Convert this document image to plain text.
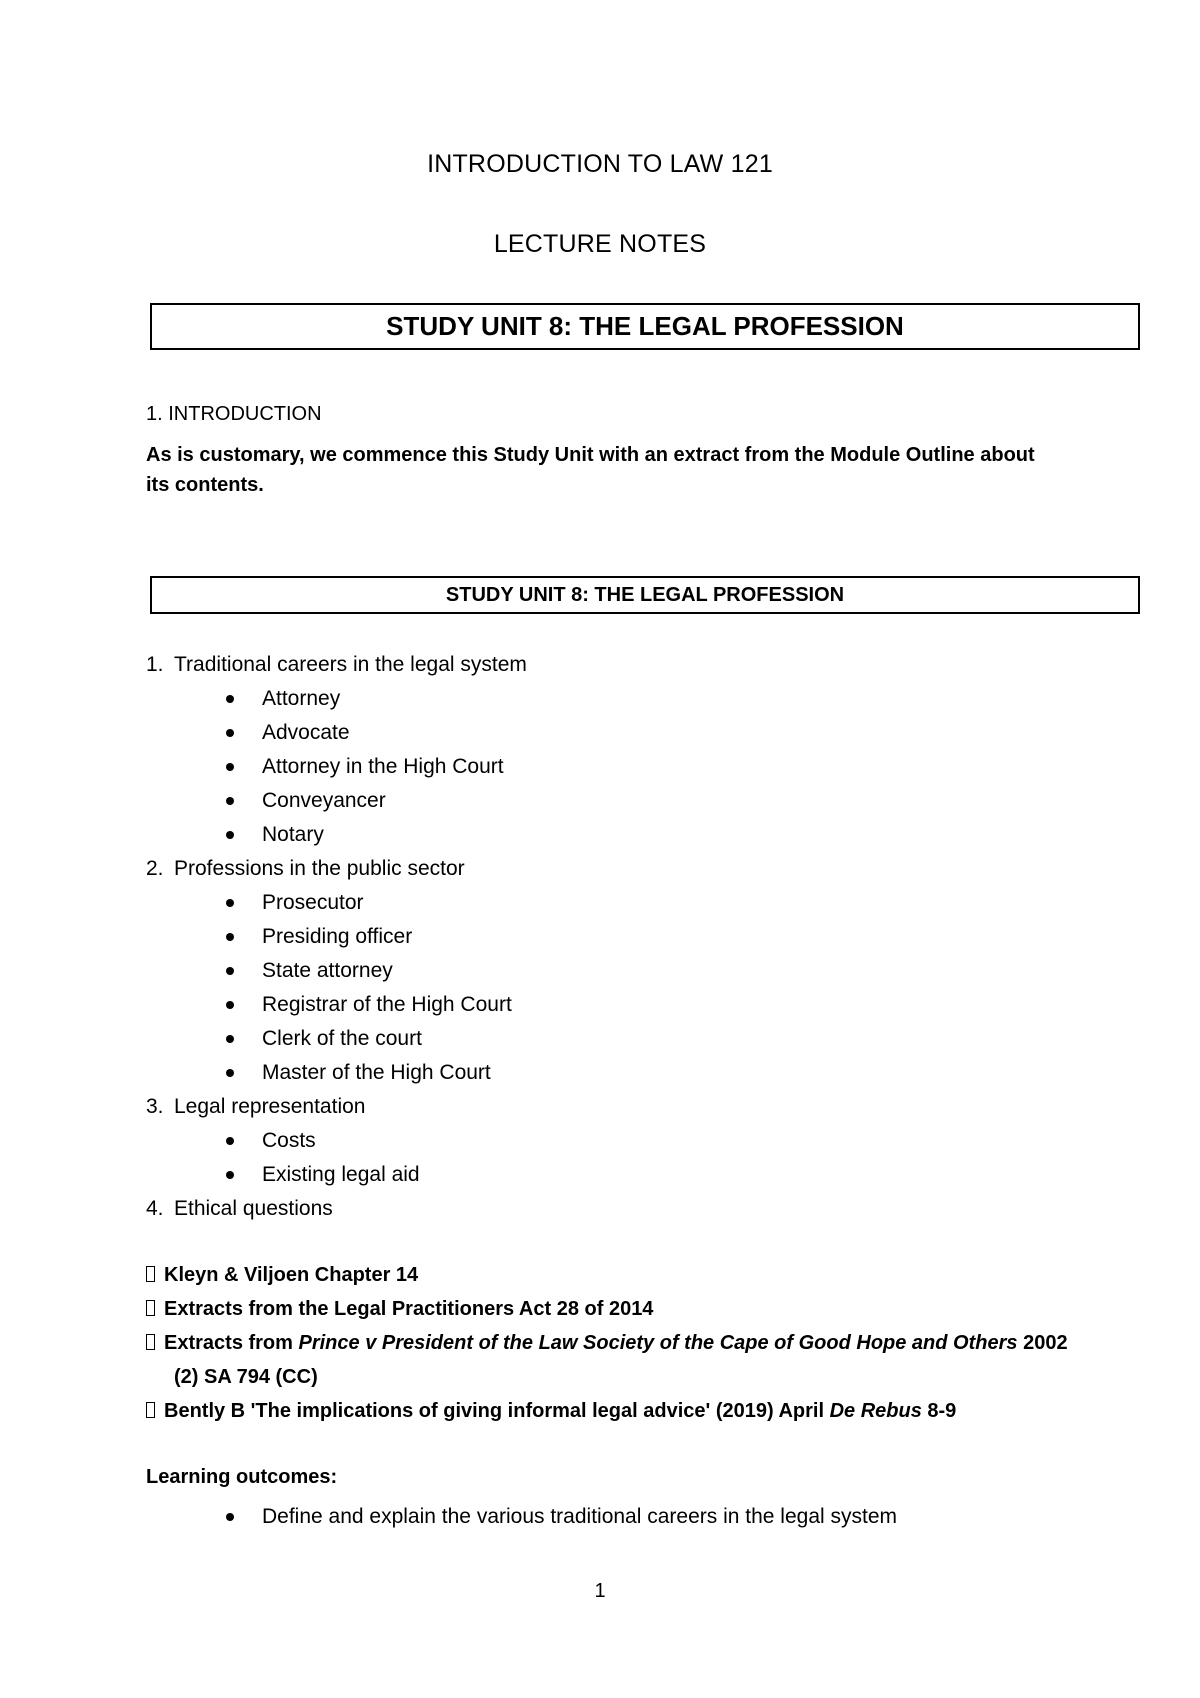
INTRODUCTION TO LAW 121
LECTURE NOTES
STUDY UNIT 8: THE LEGAL PROFESSION
1. INTRODUCTION
As is customary, we commence this Study Unit with an extract from the Module Outline about its contents.
STUDY UNIT 8: THE LEGAL PROFESSION
1. Traditional careers in the legal system
Attorney
Advocate
Attorney in the High Court
Conveyancer
Notary
2. Professions in the public sector
Prosecutor
Presiding officer
State attorney
Registrar of the High Court
Clerk of the court
Master of the High Court
3. Legal representation
Costs
Existing legal aid
4. Ethical questions
Kleyn & Viljoen Chapter 14
Extracts from the Legal Practitioners Act 28 of 2014
Extracts from Prince v President of the Law Society of the Cape of Good Hope and Others 2002
(2) SA 794 (CC)
Bently B 'The implications of giving informal legal advice' (2019) April De Rebus 8-9
Learning outcomes:
Define and explain the various traditional careers in the legal system
1
